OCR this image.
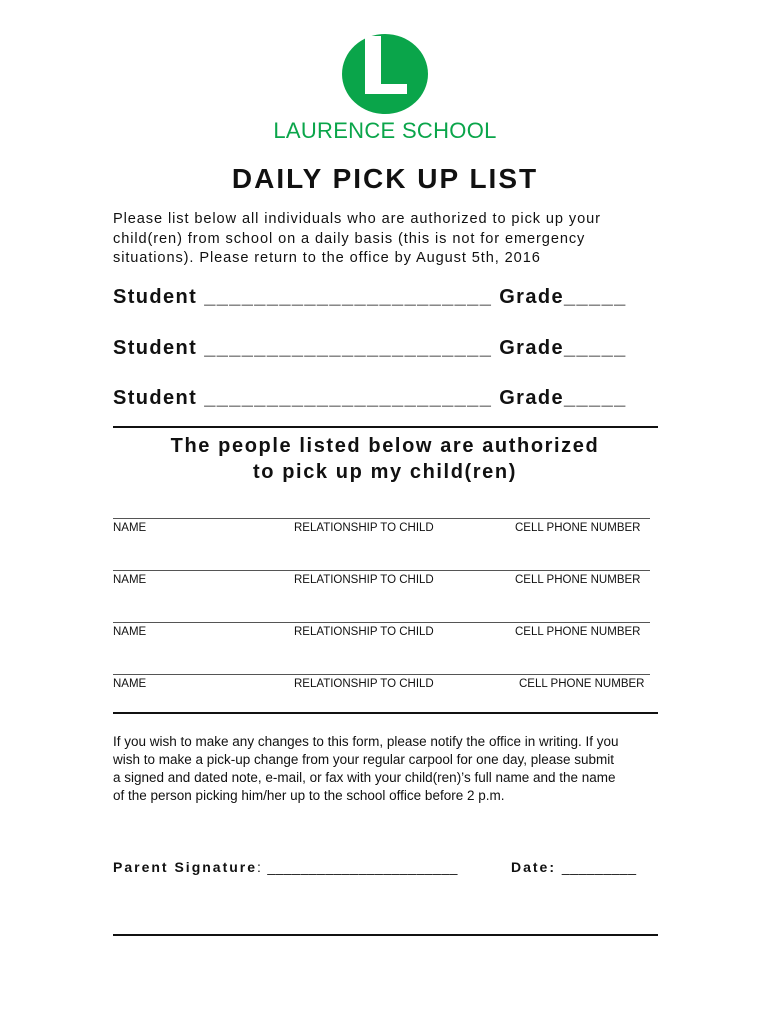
LAURENCE SCHOOL
DAILY PICK UP LIST
Please list below all individuals who are authorized to pick up your
child(ren) from school on a daily basis (this is not for emergency
situations). Please return to the office by August 5th, 2016
Student _______________________ Grade_____
Student _______________________ Grade_____
Student _______________________ Grade_____
The people listed below are authorized
to pick up my child(ren)
NAME	RELATIONSHIP TO CHILD	CELL PHONE NUMBER
NAME	RELATIONSHIP TO CHILD	CELL PHONE NUMBER
NAME	RELATIONSHIP TO CHILD	CELL PHONE NUMBER
NAME	RELATIONSHIP TO CHILD	CELL PHONE NUMBER
If you wish to make any changes to this form, please notify the office in writing. If you
wish to make a pick-up change from your regular carpool for one day, please submit
a signed and dated note, e-mail, or fax with your child(ren)’s full name and the name
of the person picking him/her up to the school office before 2 p.m.
Parent Signature: _______________________	Date: _________
